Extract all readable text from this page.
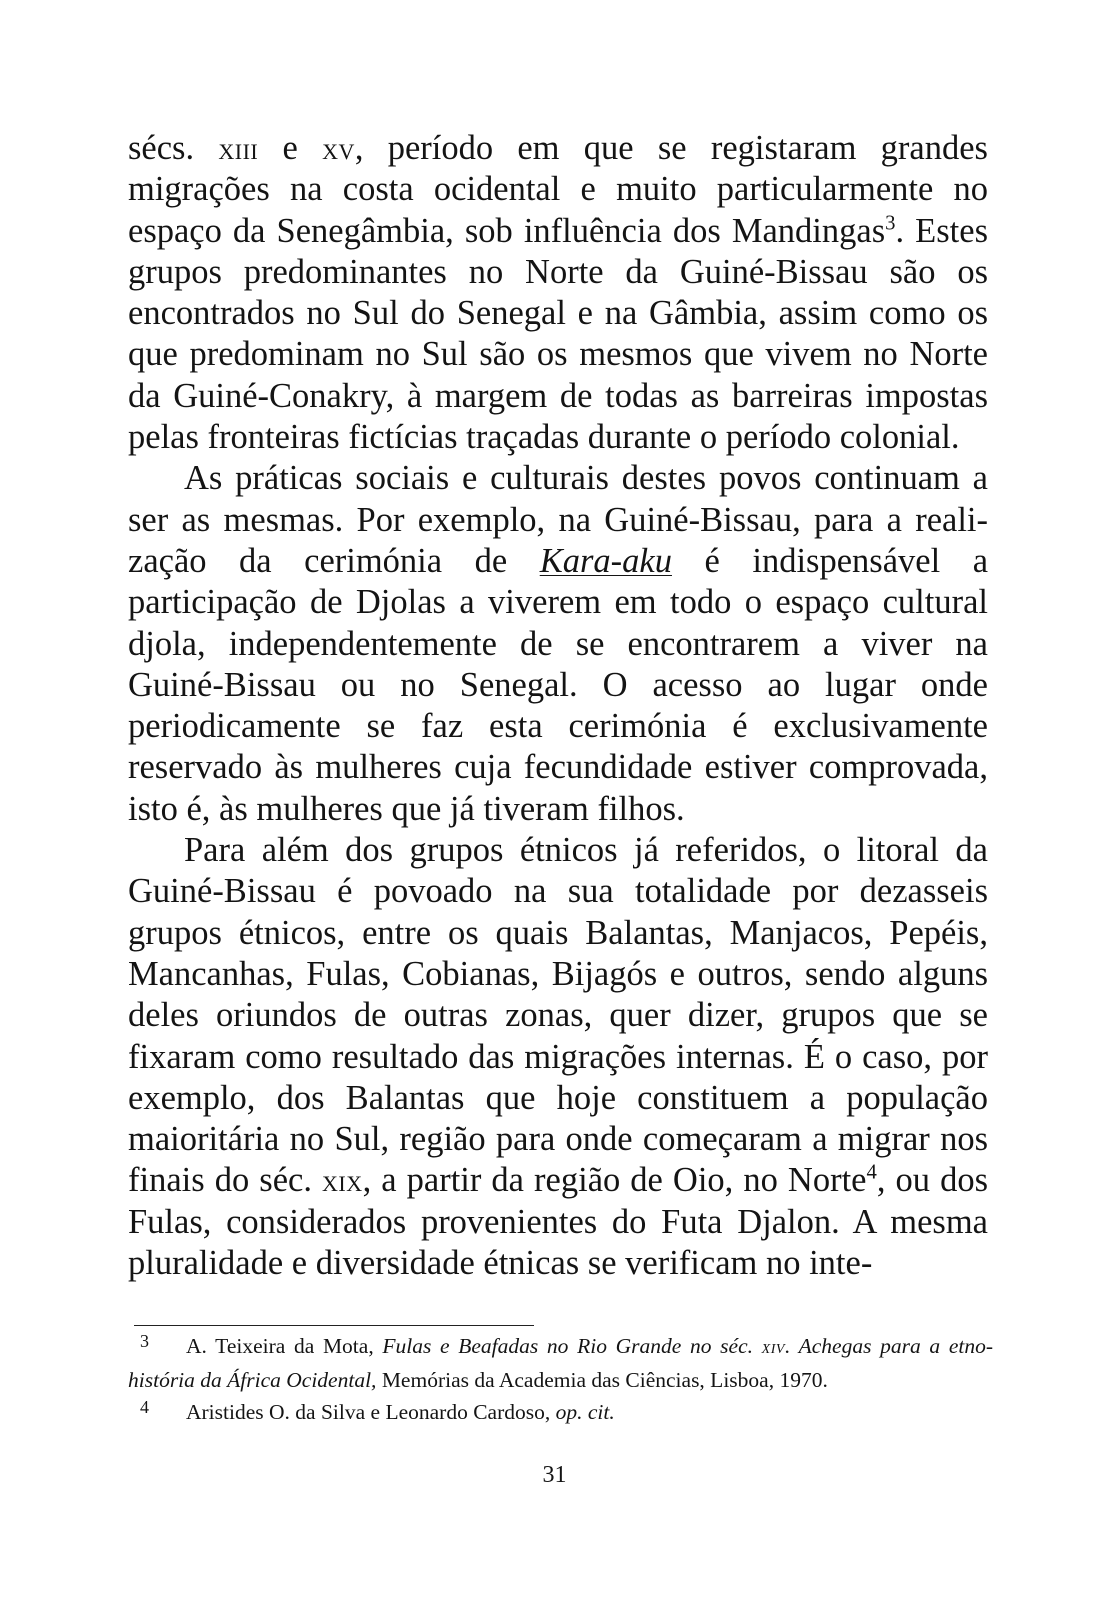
sécs. xiii e xv, período em que se registaram grandes migrações na costa ocidental e muito particularmente no espaço da Senegâmbia, sob influência dos Mandingas$^3$. Estes grupos predominantes no Norte da Guiné-Bissau são os encontrados no Sul do Senegal e na Gâmbia, assim como os que predominam no Sul são os mesmos que vivem no Norte da Guiné-Conakry, à margem de todas as barreiras impostas pelas fronteiras fictícias traçadas durante o período colonial.

As práticas sociais e culturais destes povos continuam a ser as mesmas. Por exemplo, na Guiné-Bissau, para a realização da cerimónia de Kara-aku é indispensável a participação de Djolas a viverem em todo o espaço cultural djola, independentemente de se encontrarem a viver na Guiné-Bissau ou no Senegal. O acesso ao lugar onde periodicamente se faz esta cerimónia é exclusivamente reservado às mulheres cuja fecundidade estiver comprovada, isto é, às mulheres que já tiveram filhos.

Para além dos grupos étnicos já referidos, o litoral da Guiné-Bissau é povoado na sua totalidade por dezasseis grupos étnicos, entre os quais Balantas, Manjacos, Pepéis, Mancanhas, Fulas, Cobianas, Bijagós e outros, sendo alguns deles oriundos de outras zonas, quer dizer, grupos que se fixaram como resultado das migrações internas. É o caso, por exemplo, dos Balantas que hoje constituem a população maioritária no Sul, região para onde começaram a migrar nos finais do séc. xix, a partir da região de Oio, no Norte$^4$, ou dos Fulas, considerados provenientes do Futa Djalon. A mesma pluralidade e diversidade étnicas se verificam no inte-

3 A. Teixeira da Mota, Fulas e Beafadas no Rio Grande no séc. xiv. Achegas para a etno-história da África Ocidental, Memórias da Academia das Ciências, Lisboa, 1970.

4 Aristides O. da Silva e Leonardo Cardoso, op. cit.

31
